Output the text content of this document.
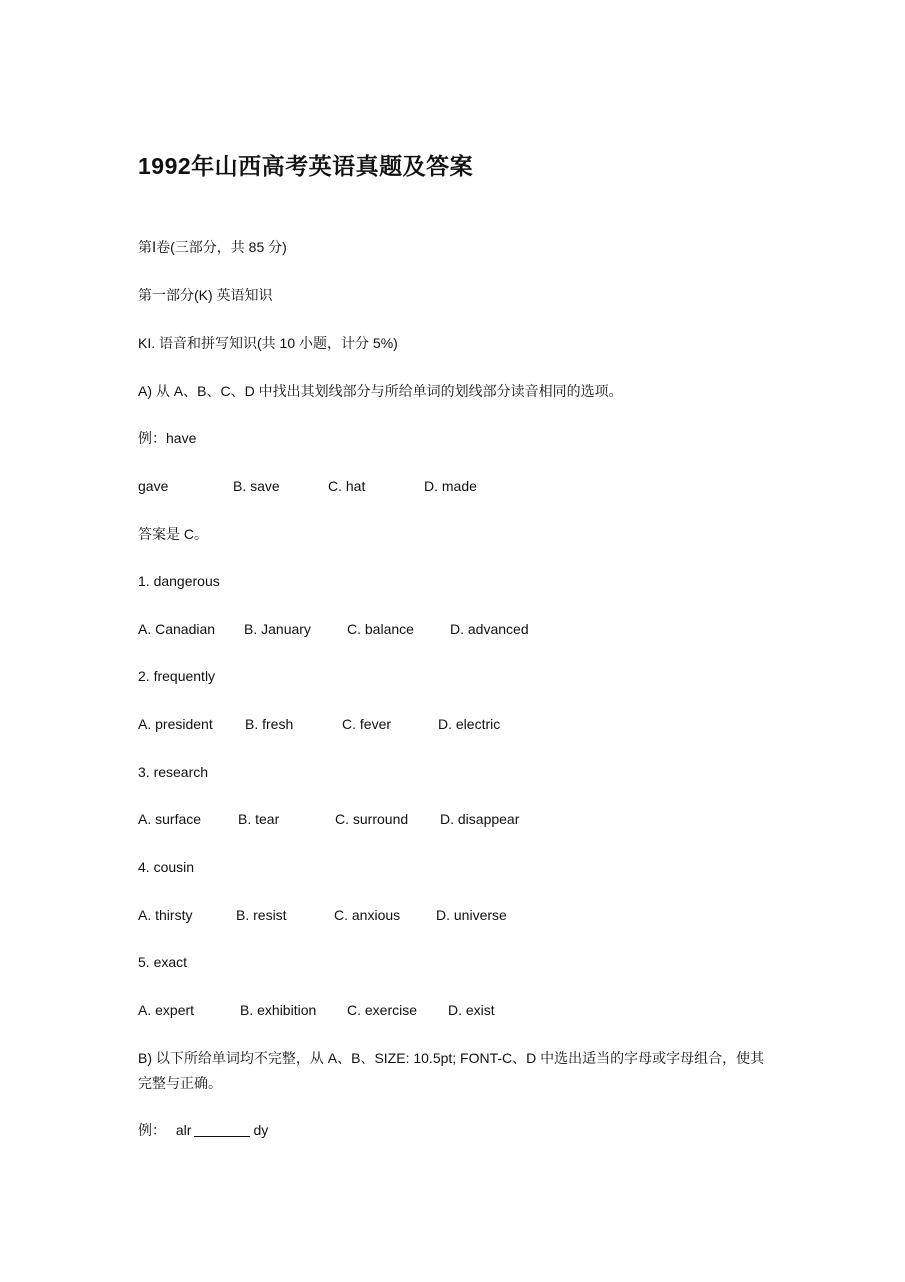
1992年山西高考英语真题及答案
第Ⅰ卷(三部分，共 85 分)
第一部分(K) 英语知识
KI. 语音和拼写知识(共 10 小题，计分 5%)
A) 从 A、B、C、D 中找出其划线部分与所给单词的划线部分读音相同的选项。
例：have
gave	B. save	C. hat	D. made
答案是 C。
1. dangerous
A. Canadian B. January	C. balance	D. advanced
2. frequently
A. president B. fresh	C. fever	D. electric
3. research
A. surface	B. tear	C. surround D. disappear
4. cousin
A. thirsty	B. resist	C. anxious	D. universe
5. exact
A. expert	B. exhibition C. exercise D. exist
B) 以下所给单词均不完整，从 A、B、SIZE: 10.5pt; FONT-C、D 中选出适当的字母或字母组合，使其完整与正确。
例： alr	dy
